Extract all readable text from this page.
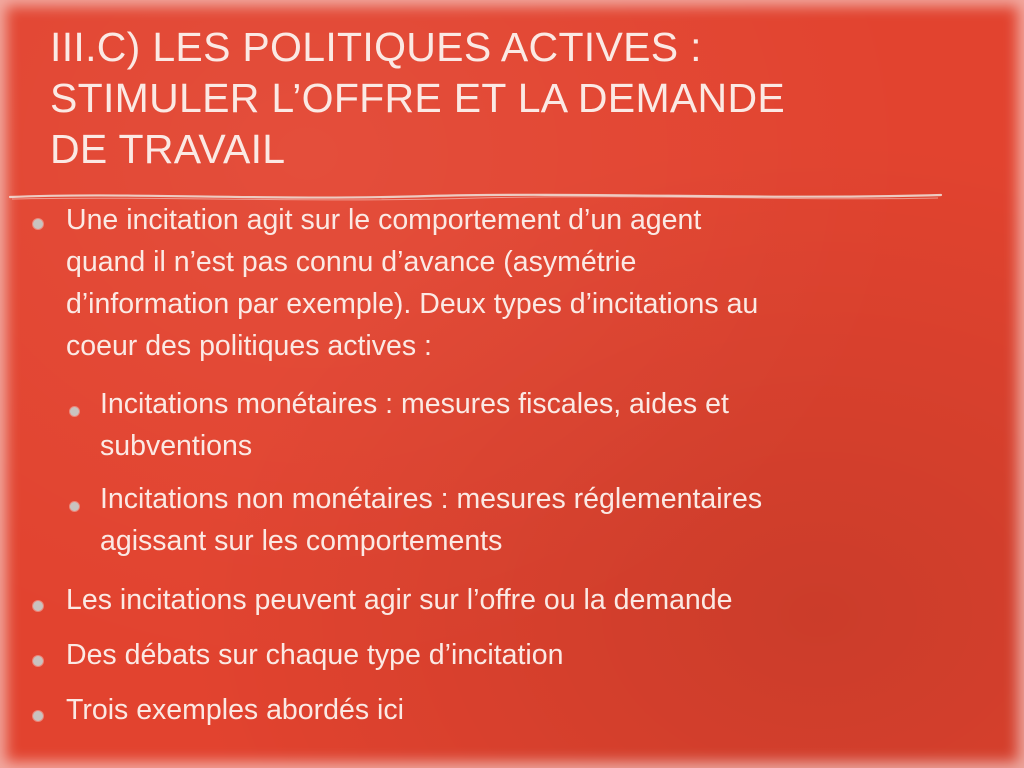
III.C) LES POLITIQUES ACTIVES :
STIMULER L’OFFRE ET LA DEMANDE
DE TRAVAIL
Une incitation agit sur le comportement d’un agent
quand il n’est pas connu d’avance (asymétrie
d’information par exemple). Deux types d’incitations au
coeur des politiques actives :
Incitations monétaires : mesures fiscales, aides et
subventions
Incitations non monétaires : mesures réglementaires
agissant sur les comportements
Les incitations peuvent agir sur l’offre ou la demande
Des débats sur chaque type d’incitation
Trois exemples abordés ici
